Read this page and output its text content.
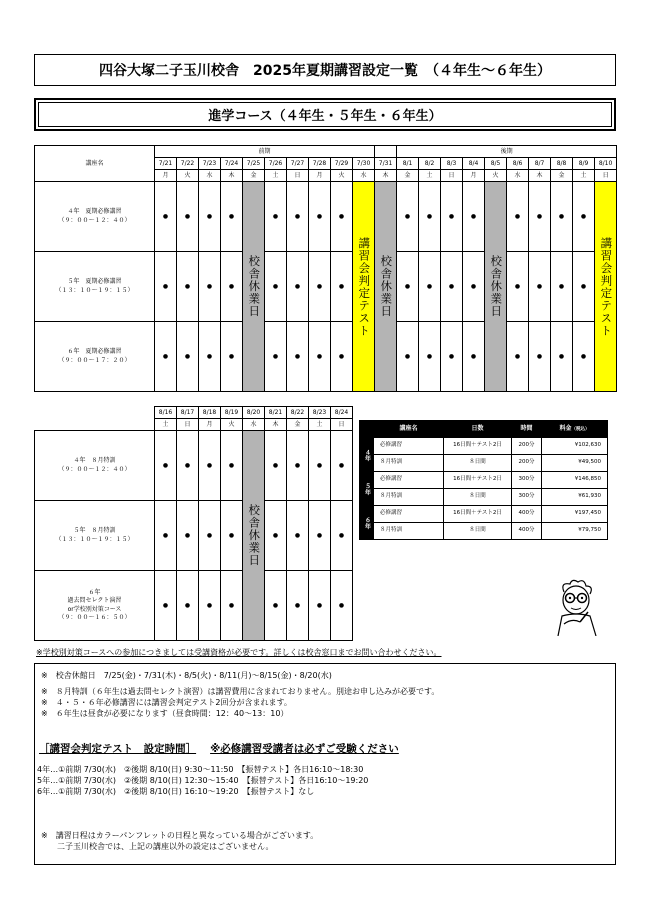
四谷大塚二子玉川校舎　2025年夏期講習設定一覧　（４年生～６年生）
進学コース（４年生・５年生・６年生）
講座名	前期											後期									
	7/21	7/22	7/23	7/24	7/25	7/26	7/27	7/28	7/29	7/30	7/31	8/1	8/2	8/3	8/4	8/5	8/6	8/7	8/8	8/9	8/10
	月	火	水	木	金	土	日	月	火	水	木	金	土	日	月	火	水	木	金	土	日

４年　夏期必修講習
（９：００～１２：４０）	●	●	●	●	校舎休業日	●	●	●	●	講習会判定テスト	校舎休業日	●	●	●	●	校舎休業日	●	●	●	●	講習会判定テスト

５年　夏期必修講習
（１３：１０～１９：１５）	●	●	●	●		●	●	●	●			●	●	●	●		●	●	●	●	

６年　夏期必修講習
（９：００～１７：２０）	●	●	●	●		●	●	●	●			●	●	●	●		●	●	●	●	
	8/16	8/17	8/18	8/19	8/20	8/21	8/22	8/23	8/24
	土	日	月	火	水	木	金	土	日

４年　８月特訓
（９：００～１２：４０）	●	●	●	●	校舎休業日	●	●	●	●

５年　８月特訓
（１３：１０～１９：１５）	●	●	●	●		●	●	●	●

６年
過去問セレクト演習
or学校別対策コース
（９：００～１６：５０）	●	●	●	●		●	●	●	●
	講座名	日数	時間	料金（税込）

４年	必修講習	16日間＋テスト2日	200分	¥102,630
	８月特訓	８日間	200分	¥49,500

５年	必修講習	16日間＋テスト2日	300分	¥146,850
	８月特訓	８日間	300分	¥61,930

６年	必修講習	16日間＋テスト2日	400分	¥197,450
	８月特訓	８日間	400分	¥79,750
※学校別対策コースへの参加につきましては受講資格が必要です。詳しくは校舎窓口までお問い合わせください。
※　校舎休館日　7/25(金)・7/31(木)・8/5(火)・8/11(月)～8/15(金)・8/20(水)
※　８月特訓（６年生は過去問セレクト演習）は講習費用に含まれておりません。別途お申し込みが必要です。
※　４・５・６年必修講習には講習会判定テスト2回分が含まれます。
※　６年生は昼食が必要になります（昼食時間：12：40～13：10）
［講習会判定テスト　設定時間］ ※必修講習受講者は必ずご受験ください
4年…①前期 7/30(水)　②後期 8/10(日) 9:30～11:50　【振替テスト】各日16:10～18:30
5年…①前期 7/30(水)　②後期 8/10(日) 12:30～15:40　【振替テスト】各日16:10～19:20
6年…①前期 7/30(水)　②後期 8/10(日) 16:10～19:20　【振替テスト】なし
※　講習日程はカラーパンフレットの日程と異なっている場合がございます。
　　二子玉川校舎では、上記の講座以外の設定はございません。
